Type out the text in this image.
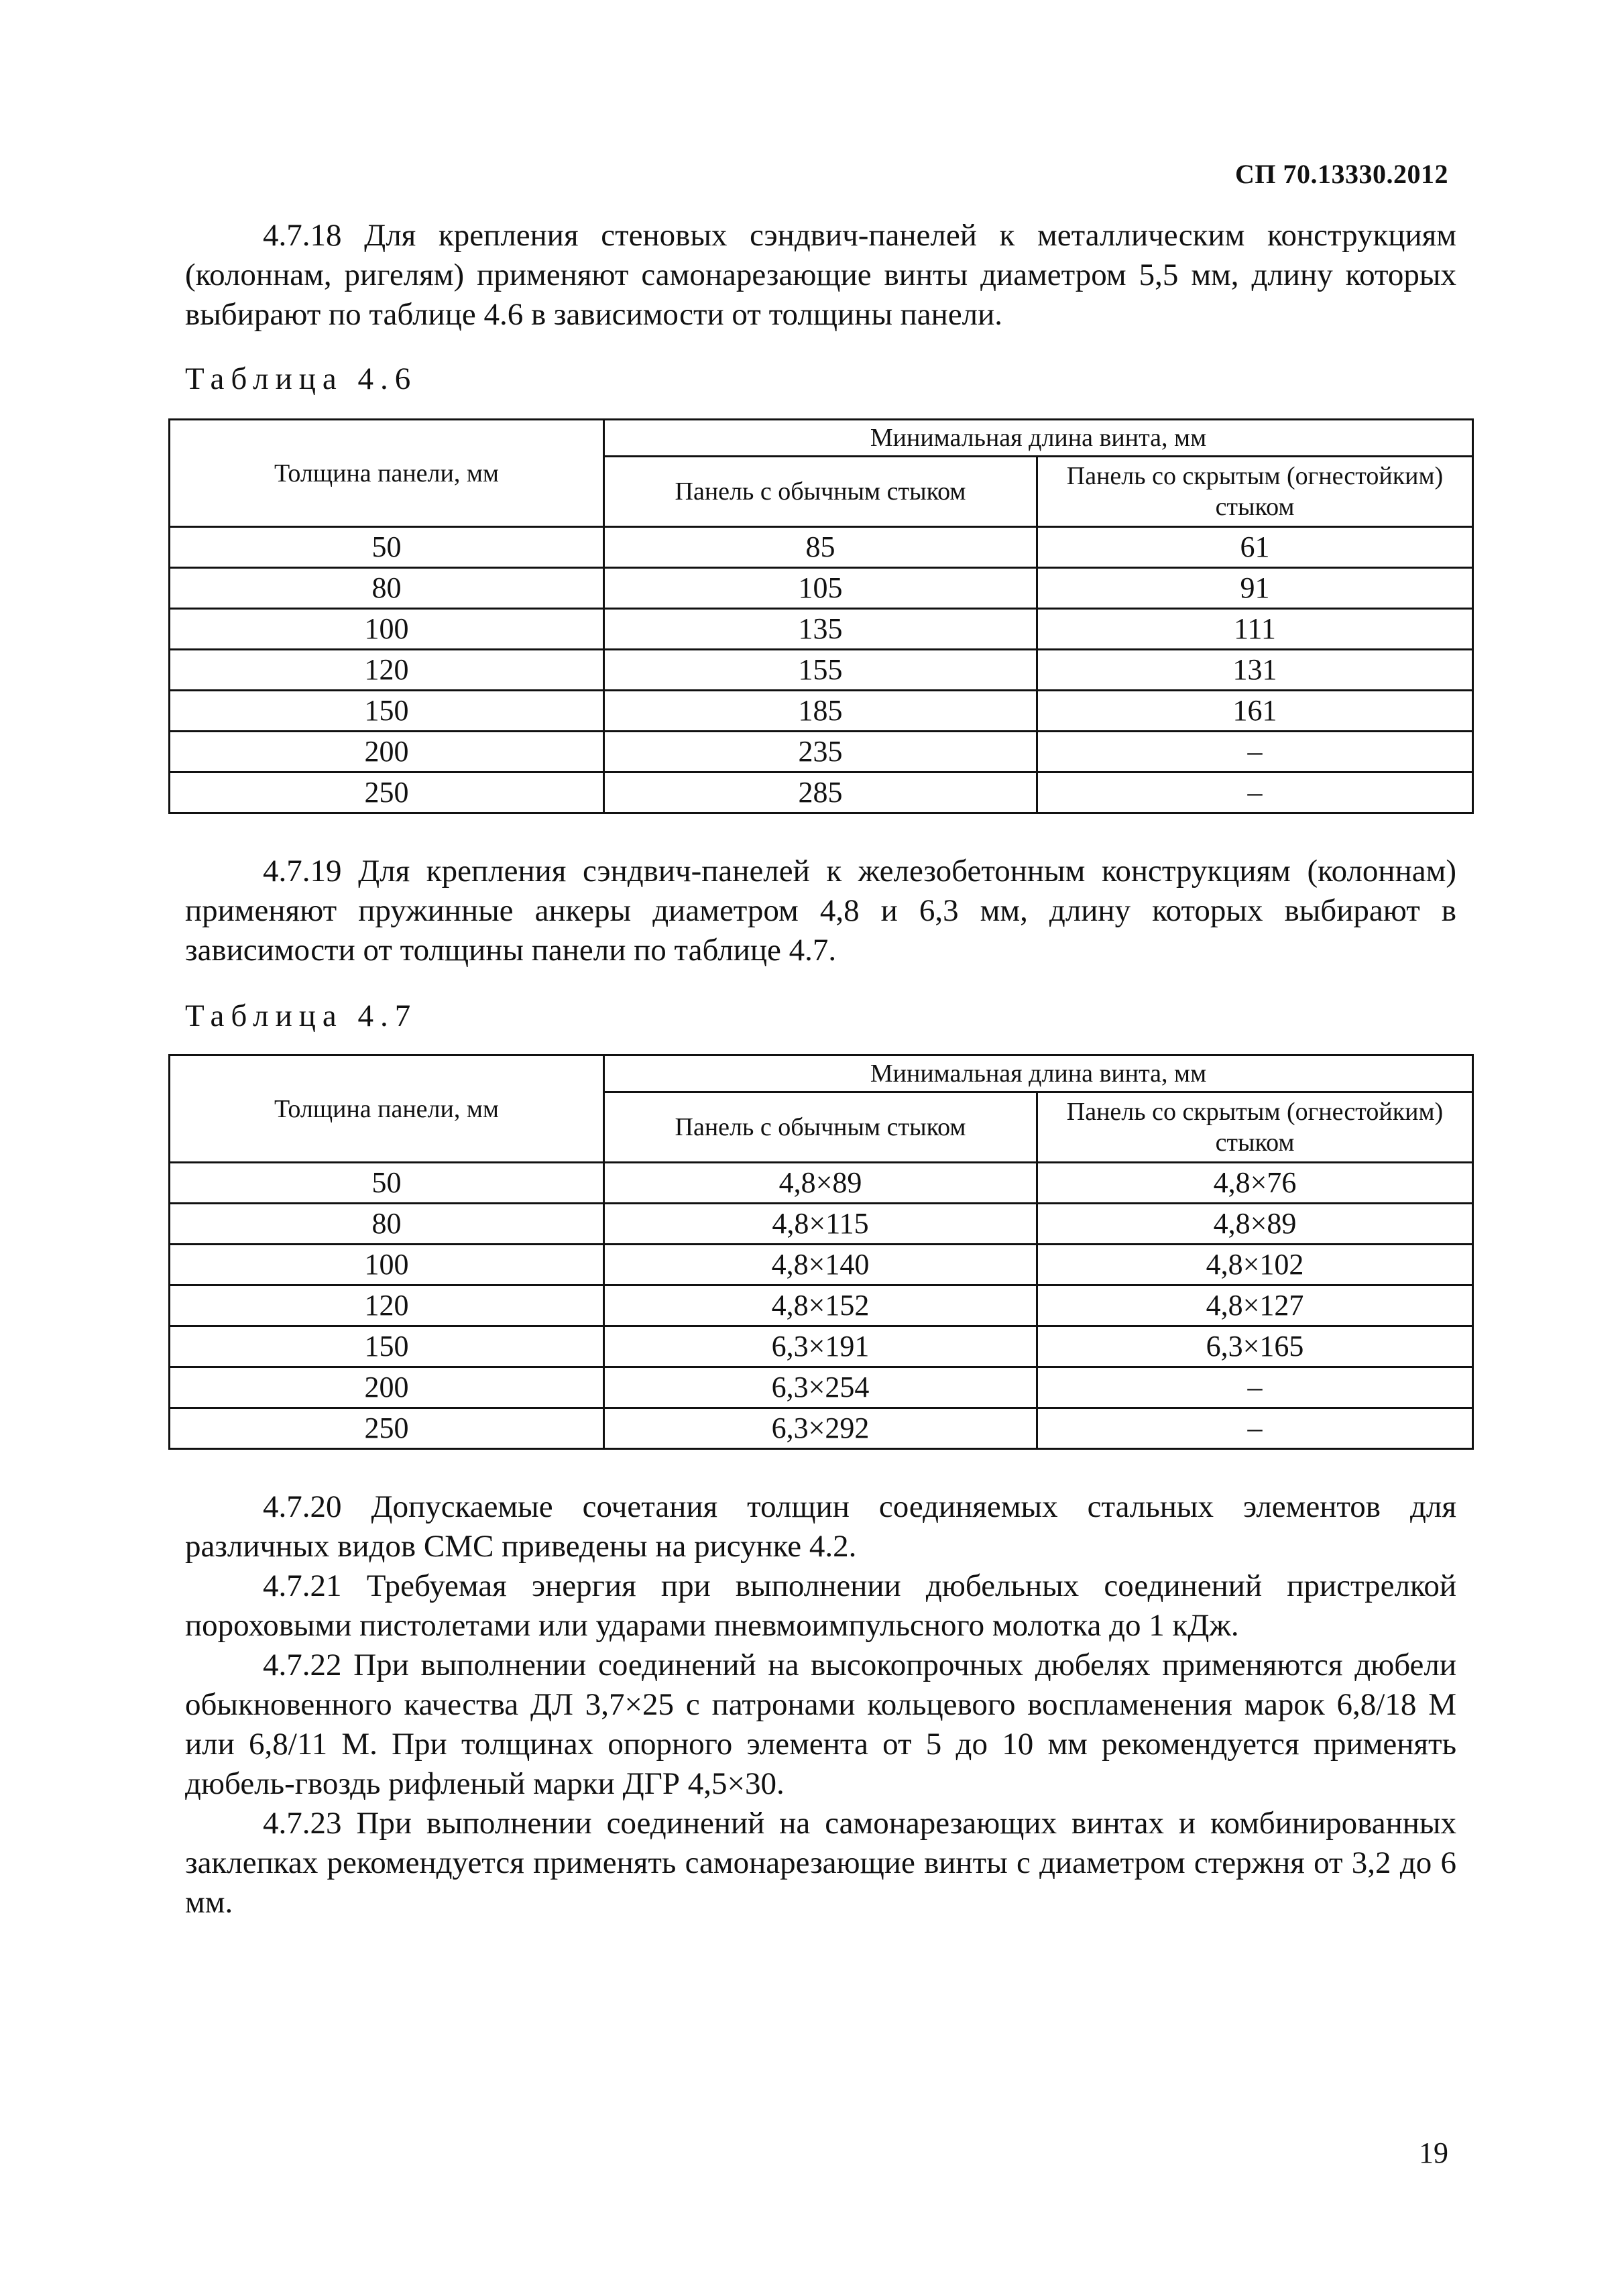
СП 70.13330.2012
4.7.18 Для крепления стеновых сэндвич-панелей к металлическим конструкциям (колоннам, ригелям) применяют самонарезающие винты диаметром 5,5 мм, длину которых выбирают по таблице 4.6 в зависимости от толщины панели.
Таблица 4.6
Толщина панели, мм	Минимальная длина винта, мм	
	Панель с обычным стыком	Панель со скрытым (огнестойким) стыком
50	85	61
80	105	91
100	135	111
120	155	131
150	185	161
200	235	–
250	285	–
4.7.19 Для крепления сэндвич-панелей к железобетонным конструкциям (колоннам) применяют пружинные анкеры диаметром 4,8 и 6,3 мм, длину которых выбирают в зависимости от толщины панели по таблице 4.7.
Таблица 4.7
Толщина панели, мм	Минимальная длина винта, мм	
	Панель с обычным стыком	Панель со скрытым (огнестойким) стыком
50	4,8×89	4,8×76
80	4,8×115	4,8×89
100	4,8×140	4,8×102
120	4,8×152	4,8×127
150	6,3×191	6,3×165
200	6,3×254	–
250	6,3×292	–
4.7.20 Допускаемые сочетания толщин соединяемых стальных элементов для различных видов СМС приведены на рисунке 4.2.
4.7.21 Требуемая энергия при выполнении дюбельных соединений пристрелкой пороховыми пистолетами или ударами пневмоимпульсного молотка до 1 кДж.
4.7.22 При выполнении соединений на высокопрочных дюбелях применяются дюбели обыкновенного качества ДЛ 3,7×25 с патронами кольцевого воспламенения марок 6,8/18 М или 6,8/11 М. При толщинах опорного элемента от 5 до 10 мм рекомендуется применять дюбель-гвоздь рифленый марки ДГР 4,5×30.
4.7.23 При выполнении соединений на самонарезающих винтах и комбинированных заклепках рекомендуется применять самонарезающие винты с диаметром стержня от 3,2 до 6 мм.
19
